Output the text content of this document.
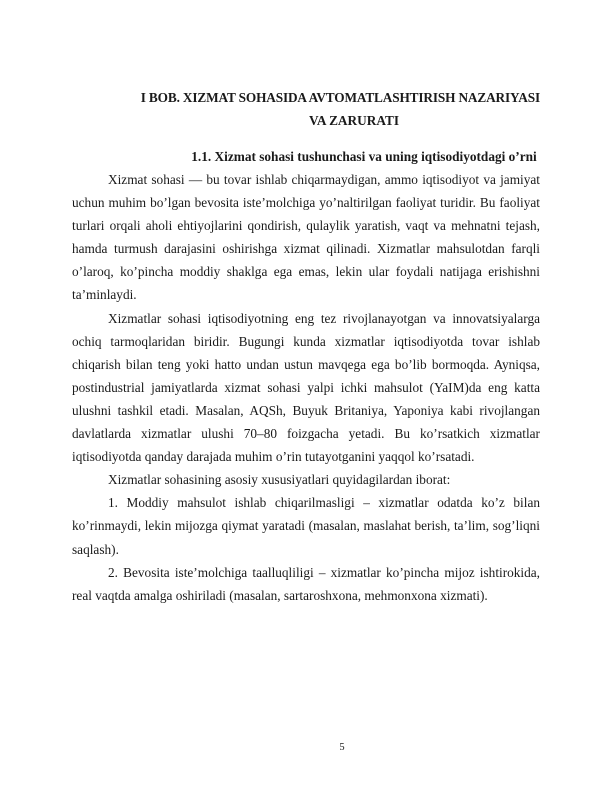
I BOB. XIZMAT SOHASIDA AVTOMATLASHTIRISH NAZARIYASI
VA ZARURATI
1.1. Xizmat sohasi tushunchasi va uning iqtisodiyotdagi o’rni

Xizmat sohasi — bu tovar ishlab chiqarmaydigan, ammo iqtisodiyot va jamiyat uchun muhim bo’lgan bevosita iste’molchiga yo’naltirilgan faoliyat turidir. Bu faoliyat turlari orqali aholi ehtiyojlarini qondirish, qulaylik yaratish, vaqt va mehnatni tejash, hamda turmush darajasini oshirishga xizmat qilinadi. Xizmatlar mahsulotdan farqli o’laroq, ko’pincha moddiy shaklga ega emas, lekin ular foydali natijaga erishishni ta’minlaydi.

Xizmatlar sohasi iqtisodiyotning eng tez rivojlanayotgan va innovatsiyalarga ochiq tarmoqlaridan biridir. Bugungi kunda xizmatlar iqtisodiyotda tovar ishlab chiqarish bilan teng yoki hatto undan ustun mavqega ega bo’lib bormoqda. Ayniqsa, postindustrial jamiyatlarda xizmat sohasi yalpi ichki mahsulot (YaIM)da eng katta ulushni tashkil etadi. Masalan, AQSh, Buyuk Britaniya, Yaponiya kabi rivojlangan davlatlarda xizmatlar ulushi 70–80 foizgacha yetadi. Bu ko’rsatkich xizmatlar iqtisodiyotda qanday darajada muhim o’rin tutayotganini yaqqol ko’rsatadi.

Xizmatlar sohasining asosiy xususiyatlari quyidagilardan iborat:

1. Moddiy mahsulot ishlab chiqarilmasligi – xizmatlar odatda ko’z bilan ko’rinmaydi, lekin mijozga qiymat yaratadi (masalan, maslahat berish, ta’lim, sog’liqni saqlash).

2. Bevosita iste’molchiga taalluqliligi – xizmatlar ko’pincha mijoz ishtirokida, real vaqtda amalga oshiriladi (masalan, sartaroshxona, mehmonxona xizmati).

5
